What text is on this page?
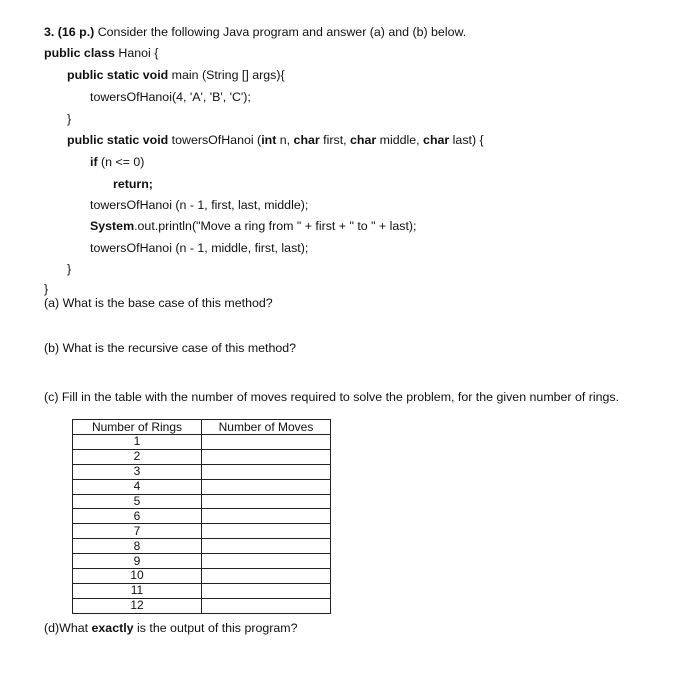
3. (16 p.) Consider the following Java program and answer (a) and (b) below.
public class Hanoi {
public static void main (String [] args){
towersOfHanoi(4, 'A', 'B', 'C');
}
public static void towersOfHanoi (int n, char first, char middle, char last) {
if (n <= 0)
return;
towersOfHanoi (n - 1, first, last, middle);
System.out.println("Move a ring from " + first + " to " + last);
towersOfHanoi (n - 1, middle, first, last);
}
}
(a) What is the base case of this method?
(b) What is the recursive case of this method?
(c) Fill in the table with the number of moves required to solve the problem, for the given number of rings.
Number of Rings	Number of Moves
1	
2	
3	
4	
5	
6	
7	
8	
9	
10	
11	
12	
(d)What exactly is the output of this program?
